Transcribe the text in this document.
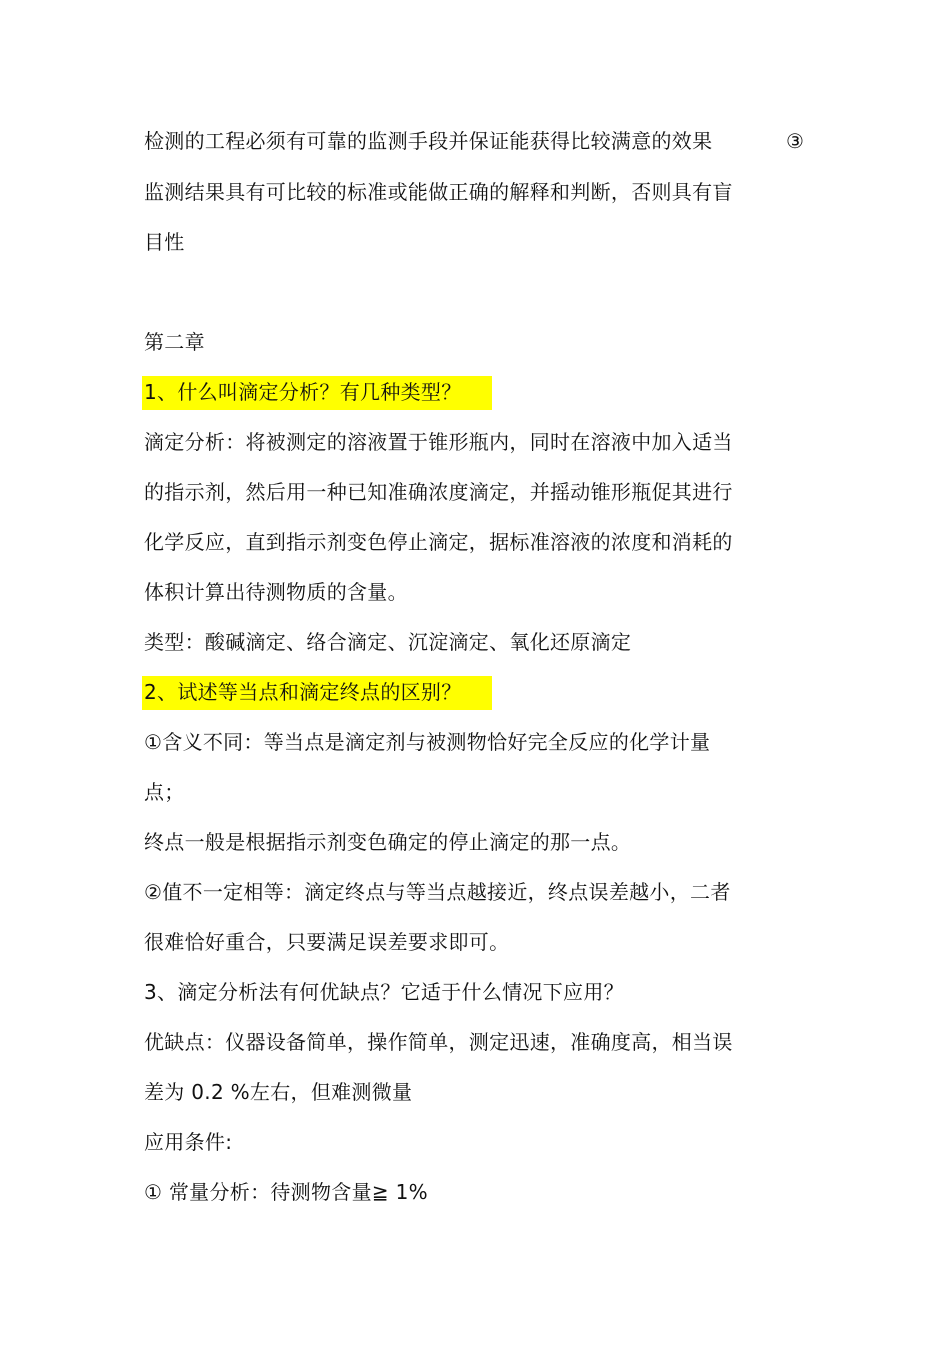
检测的工程必须有可靠的监测手段并保证能获得比较满意的效果	③
监测结果具有可比较的标准或能做正确的解释和判断，否则具有盲
目性
第二章
1、什么叫滴定分析？有几种类型？
滴定分析：将被测定的溶液置于锥形瓶内，同时在溶液中加入适当
的指示剂，然后用一种已知准确浓度滴定，并摇动锥形瓶促其进行
化学反应，直到指示剂变色停止滴定，据标准溶液的浓度和消耗的
体积计算出待测物质的含量。
类型：酸碱滴定、络合滴定、沉淀滴定、氧化还原滴定
2、试述等当点和滴定终点的区别？
①含义不同：等当点是滴定剂与被测物恰好完全反应的化学计量
点；
终点一般是根据指示剂变色确定的停止滴定的那一点。
②值不一定相等：滴定终点与等当点越接近，终点误差越小，二者
很难恰好重合，只要满足误差要求即可。
3、滴定分析法有何优缺点？它适于什么情况下应用？
优缺点：仪器设备简单，操作简单，测定迅速，准确度高，相当误
差为 0.2 %左右，但难测微量
应用条件:
① 常量分析：待测物含量≧ 1%
